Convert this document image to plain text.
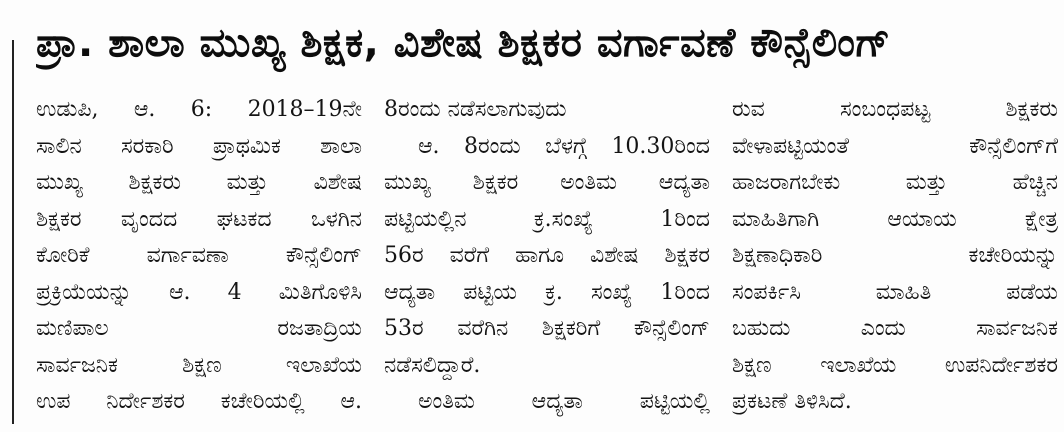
ಪ್ರಾ. ಶಾಲಾ ಮುಖ್ಯ ಶಿಕ್ಷಕ, ವಿಶೇಷ ಶಿಕ್ಷಕರ ವರ್ಗಾವಣೆ ಕೌನ್ಸೆಲಿಂಗ್
ಉಡುಪಿ, ಆ. 6: 2018–19ನೇ
ಸಾಲಿನ ಸರಕಾರಿ ಪ್ರಾಥಮಿಕ ಶಾಲಾ
ಮುಖ್ಯ ಶಿಕ್ಷಕರು ಮತ್ತು ವಿಶೇಷ
ಶಿಕ್ಷಕರ ವೃಂದದ ಘಟಕದ ಒಳಗಿನ
ಕೋರಿಕೆ ವರ್ಗಾವಣಾ ಕೌನ್ಸೆಲಿಂಗ್
ಪ್ರಕ್ರಿಯೆಯನ್ನು ಆ. 4 ಮಿತಿಗೊಳಿಸಿ
ಮಣಿಪಾಲ ರಜತಾದ್ರಿಯ
ಸಾರ್ವಜನಿಕ ಶಿಕ್ಷಣ ಇಲಾಖೆಯ
ಉಪ ನಿರ್ದೇಶಕರ ಕಚೇರಿಯಲ್ಲಿ ಆ.
8ರಂದು ನಡೆಸಲಾಗುವುದು
ಆ. 8ರಂದು ಬೆಳಗ್ಗೆ 10.30ರಿಂದ
ಮುಖ್ಯ ಶಿಕ್ಷಕರ ಅಂತಿಮ ಆದ್ಯತಾ
ಪಟ್ಟಿಯಲ್ಲಿನ ಕ್ರ.ಸಂಖ್ಯೆ 1ರಿಂದ
56ರ ವರೆಗೆ ಹಾಗೂ ವಿಶೇಷ ಶಿಕ್ಷಕರ
ಆದ್ಯತಾ ಪಟ್ಟಿಯ ಕ್ರ. ಸಂಖ್ಯೆ 1ರಿಂದ
53ರ ವರೆಗಿನ ಶಿಕ್ಷಕರಿಗೆ ಕೌನ್ಸೆಲಿಂಗ್
ನಡೆಸಲಿದ್ದಾರೆ.
ಅಂತಿಮ ಆದ್ಯತಾ ಪಟ್ಟಿಯಲ್ಲಿ
ರುವ ಸಂಬಂಧಪಟ್ಟ ಶಿಕ್ಷಕರು
ವೇಳಾಪಟ್ಟಿಯಂತೆ ಕೌನ್ಸೆಲಿಂಗ್‌ಗೆ
ಹಾಜರಾಗಬೇಕು ಮತ್ತು ಹೆಚ್ಚಿನ
ಮಾಹಿತಿಗಾಗಿ ಆಯಾಯ ಕ್ಷೇತ್ರ
ಶಿಕ್ಷಣಾಧಿಕಾರಿ ಕಚೇರಿಯನ್ನು
ಸಂಪರ್ಕಿಸಿ ಮಾಹಿತಿ ಪಡೆಯ
ಬಹುದು ಎಂದು ಸಾರ್ವಜನಿಕ
ಶಿಕ್ಷಣ ಇಲಾಖೆಯ ಉಪನಿರ್ದೇಶಕರ
ಪ್ರಕಟಣೆ ತಿಳಿಸಿದೆ.
